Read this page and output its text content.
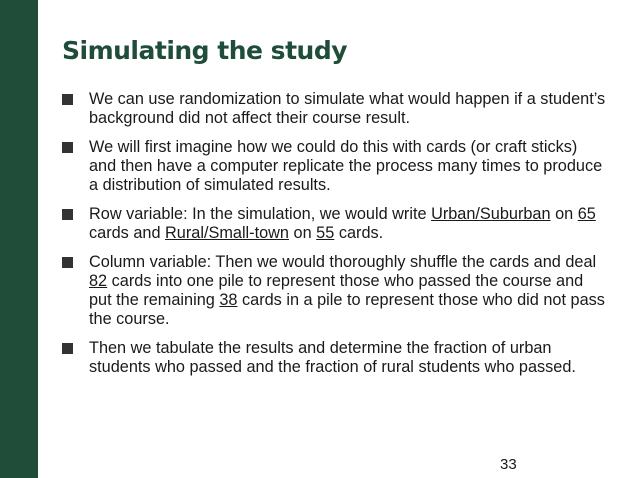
Simulating the study
We can use randomization to simulate what would happen if a student’s background did not affect their course result.
We will first imagine how we could do this with cards (or craft sticks) and then have a computer replicate the process many times to produce a distribution of simulated results.
Row variable: In the simulation, we would write Urban/Suburban on 65 cards and Rural/Small-town on 55 cards.
Column variable: Then we would thoroughly shuffle the cards and deal 82 cards into one pile to represent those who passed the course and put the remaining 38 cards in a pile to represent those who did not pass the course.
Then we tabulate the results and determine the fraction of urban students who passed and the fraction of rural students who passed.
33
